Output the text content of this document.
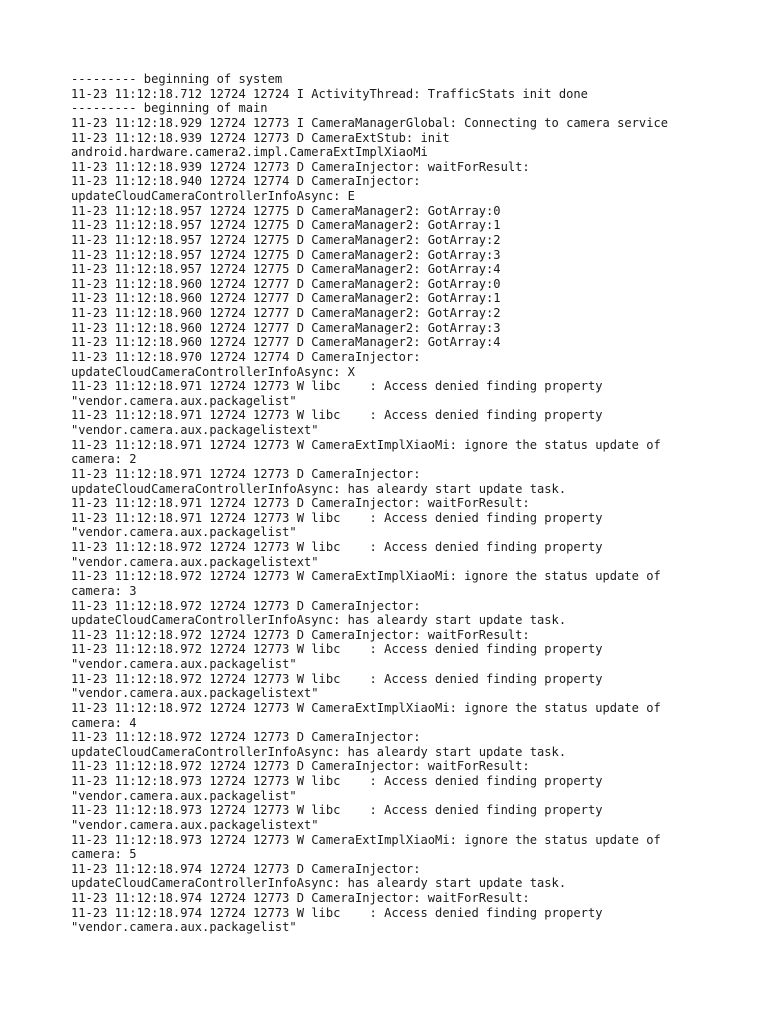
--------- beginning of system
11-23 11:12:18.712 12724 12724 I ActivityThread: TrafficStats init done
--------- beginning of main
11-23 11:12:18.929 12724 12773 I CameraManagerGlobal: Connecting to camera service
11-23 11:12:18.939 12724 12773 D CameraExtStub: init
android.hardware.camera2.impl.CameraExtImplXiaoMi
11-23 11:12:18.939 12724 12773 D CameraInjector: waitForResult:
11-23 11:12:18.940 12724 12774 D CameraInjector:
updateCloudCameraControllerInfoAsync: E
11-23 11:12:18.957 12724 12775 D CameraManager2: GotArray:0
11-23 11:12:18.957 12724 12775 D CameraManager2: GotArray:1
11-23 11:12:18.957 12724 12775 D CameraManager2: GotArray:2
11-23 11:12:18.957 12724 12775 D CameraManager2: GotArray:3
11-23 11:12:18.957 12724 12775 D CameraManager2: GotArray:4
11-23 11:12:18.960 12724 12777 D CameraManager2: GotArray:0
11-23 11:12:18.960 12724 12777 D CameraManager2: GotArray:1
11-23 11:12:18.960 12724 12777 D CameraManager2: GotArray:2
11-23 11:12:18.960 12724 12777 D CameraManager2: GotArray:3
11-23 11:12:18.960 12724 12777 D CameraManager2: GotArray:4
11-23 11:12:18.970 12724 12774 D CameraInjector:
updateCloudCameraControllerInfoAsync: X
11-23 11:12:18.971 12724 12773 W libc    : Access denied finding property
"vendor.camera.aux.packagelist"
11-23 11:12:18.971 12724 12773 W libc    : Access denied finding property
"vendor.camera.aux.packagelistext"
11-23 11:12:18.971 12724 12773 W CameraExtImplXiaoMi: ignore the status update of
camera: 2
11-23 11:12:18.971 12724 12773 D CameraInjector:
updateCloudCameraControllerInfoAsync: has aleardy start update task.
11-23 11:12:18.971 12724 12773 D CameraInjector: waitForResult:
11-23 11:12:18.971 12724 12773 W libc    : Access denied finding property
"vendor.camera.aux.packagelist"
11-23 11:12:18.972 12724 12773 W libc    : Access denied finding property
"vendor.camera.aux.packagelistext"
11-23 11:12:18.972 12724 12773 W CameraExtImplXiaoMi: ignore the status update of
camera: 3
11-23 11:12:18.972 12724 12773 D CameraInjector:
updateCloudCameraControllerInfoAsync: has aleardy start update task.
11-23 11:12:18.972 12724 12773 D CameraInjector: waitForResult:
11-23 11:12:18.972 12724 12773 W libc    : Access denied finding property
"vendor.camera.aux.packagelist"
11-23 11:12:18.972 12724 12773 W libc    : Access denied finding property
"vendor.camera.aux.packagelistext"
11-23 11:12:18.972 12724 12773 W CameraExtImplXiaoMi: ignore the status update of
camera: 4
11-23 11:12:18.972 12724 12773 D CameraInjector:
updateCloudCameraControllerInfoAsync: has aleardy start update task.
11-23 11:12:18.972 12724 12773 D CameraInjector: waitForResult:
11-23 11:12:18.973 12724 12773 W libc    : Access denied finding property
"vendor.camera.aux.packagelist"
11-23 11:12:18.973 12724 12773 W libc    : Access denied finding property
"vendor.camera.aux.packagelistext"
11-23 11:12:18.973 12724 12773 W CameraExtImplXiaoMi: ignore the status update of
camera: 5
11-23 11:12:18.974 12724 12773 D CameraInjector:
updateCloudCameraControllerInfoAsync: has aleardy start update task.
11-23 11:12:18.974 12724 12773 D CameraInjector: waitForResult:
11-23 11:12:18.974 12724 12773 W libc    : Access denied finding property
"vendor.camera.aux.packagelist"
